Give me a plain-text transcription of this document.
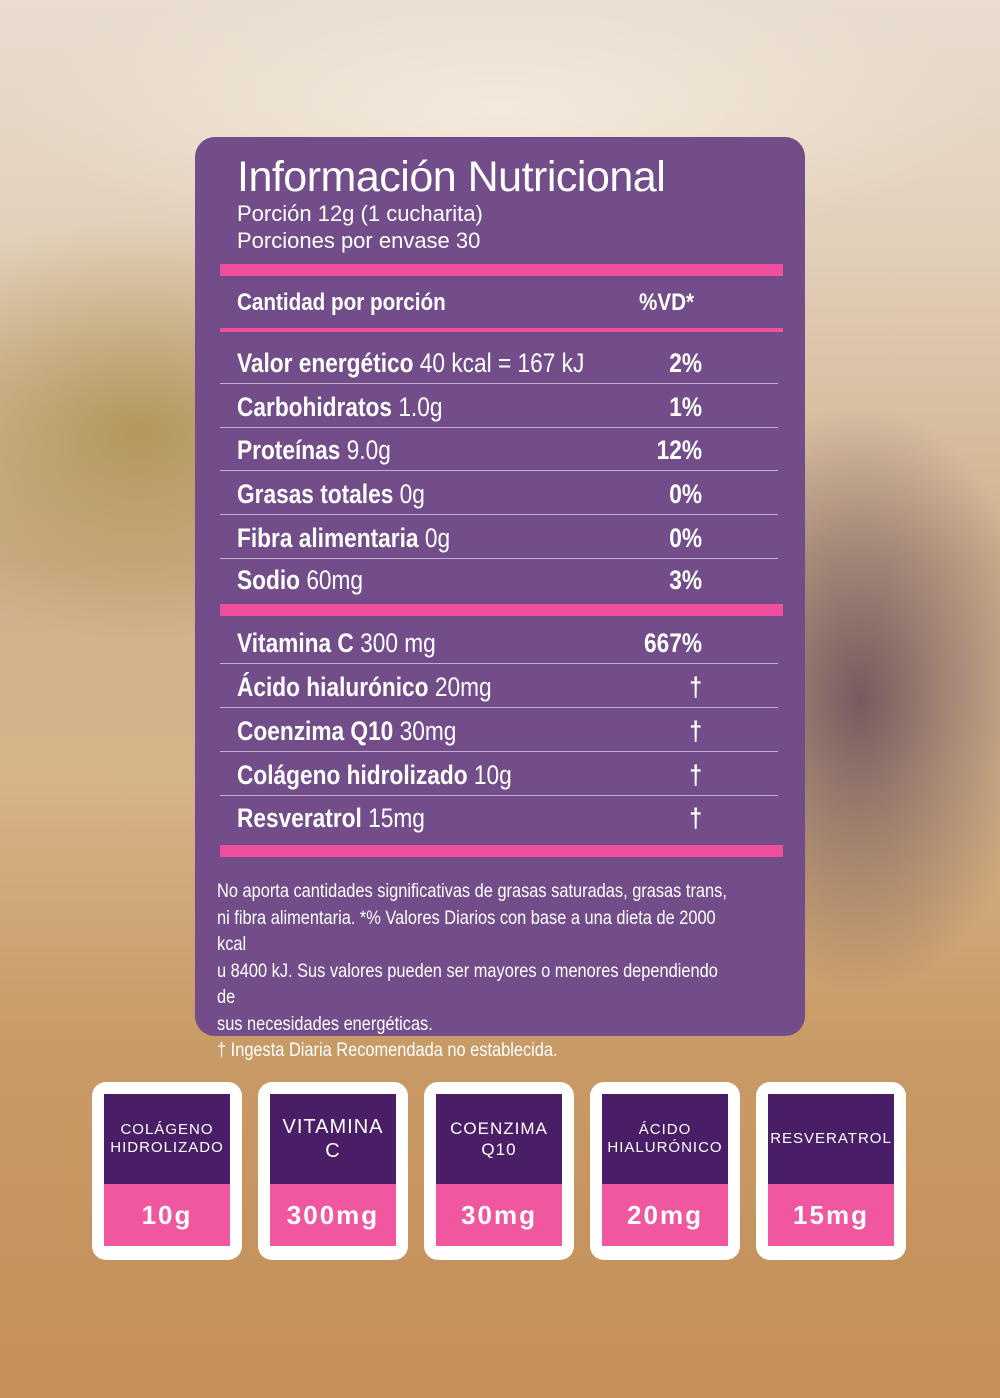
Información Nutricional
Porción 12g (1 cucharita)
Porciones por envase 30
Cantidad por porción	%VD*
Valor energético 40 kcal = 167 kJ	2%
Carbohidratos 1.0g	1%
Proteínas 9.0g	12%
Grasas totales 0g	0%
Fibra alimentaria 0g	0%
Sodio 60mg	3%
Vitamina C 300 mg	667%
Ácido hialurónico 20mg	†
Coenzima Q10 30mg	†
Colágeno hidrolizado 10g	†
Resveratrol 15mg	†

No aporta cantidades significativas de grasas saturadas, grasas trans,

ni fibra alimentaria. *% Valores Diarios con base a una dieta de 2000 kcal

u 8400 kJ. Sus valores pueden ser mayores o menores dependiendo de

sus necesidades energéticas.

† Ingesta Diaria Recomendada no establecida.

COLÁGENO
HIDROLIZADO
10g
VITAMINA
C
300mg
COENZIMA
Q10
30mg
ÁCIDO
HIALURÓNICO
20mg
RESVERATROL
15mg
